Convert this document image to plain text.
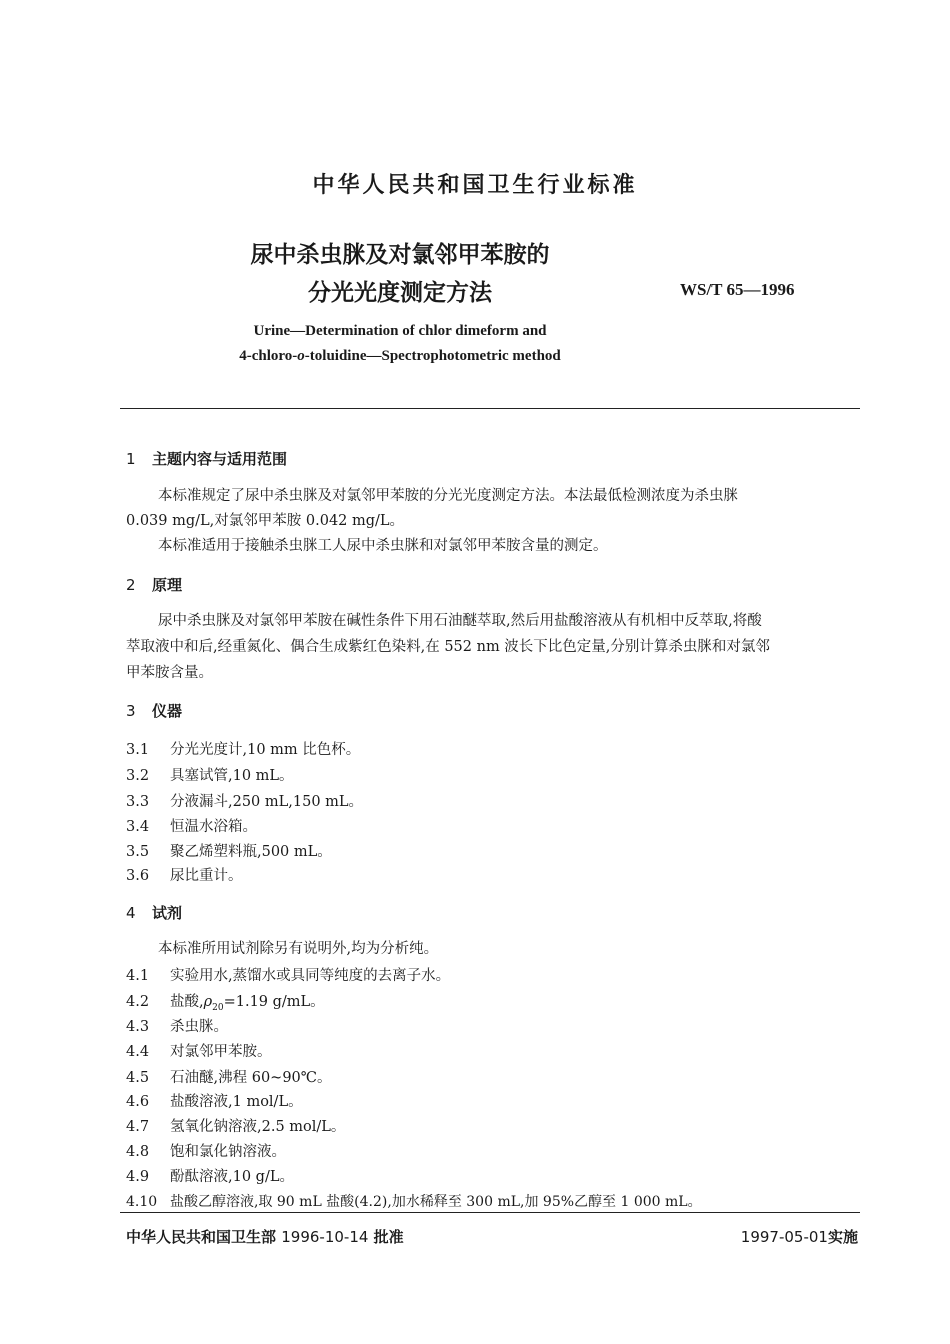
中华人民共和国卫生行业标准
尿中杀虫脒及对氯邻甲苯胺的
分光光度测定方法	WS/T 65—1996
Urine—Determination of chlor dimeform and
4-chloro-o-toluidine—Spectrophotometric method
1 主题内容与适用范围
本标准规定了尿中杀虫脒及对氯邻甲苯胺的分光光度测定方法。本法最低检测浓度为杀虫脒
0.039 mg/L,对氯邻甲苯胺 0.042 mg/L。
本标准适用于接触杀虫脒工人尿中杀虫脒和对氯邻甲苯胺含量的测定。
2 原理
尿中杀虫脒及对氯邻甲苯胺在碱性条件下用石油醚萃取,然后用盐酸溶液从有机相中反萃取,将酸
萃取液中和后,经重氮化、偶合生成紫红色染料,在 552 nm 波长下比色定量,分别计算杀虫脒和对氯邻
甲苯胺含量。
3 仪器
3.1 分光光度计,10 mm 比色杯。
3.2 具塞试管,10 mL。
3.3 分液漏斗,250 mL,150 mL。
3.4 恒温水浴箱。
3.5 聚乙烯塑料瓶,500 mL。
3.6 尿比重计。
4 试剂
本标准所用试剂除另有说明外,均为分析纯。
4.1 实验用水,蒸馏水或具同等纯度的去离子水。
4.2 盐酸$,\rho_{20}=1.19$ g/mL。
4.3 杀虫脒。
4.4 对氯邻甲苯胺。
4.5 石油醚,沸程 60~90℃。
4.6 盐酸溶液,1 mol/L。
4.7 氢氧化钠溶液,2.5 mol/L。
4.8 饱和氯化钠溶液。
4.9 酚酞溶液,10 g/L。
4.10 盐酸乙醇溶液,取 90 mL 盐酸(4.2),加水稀释至 300 mL,加 95%乙醇至 1 000 mL。
中华人民共和国卫生部 1996-10-14 批准	1997-05-01实施
